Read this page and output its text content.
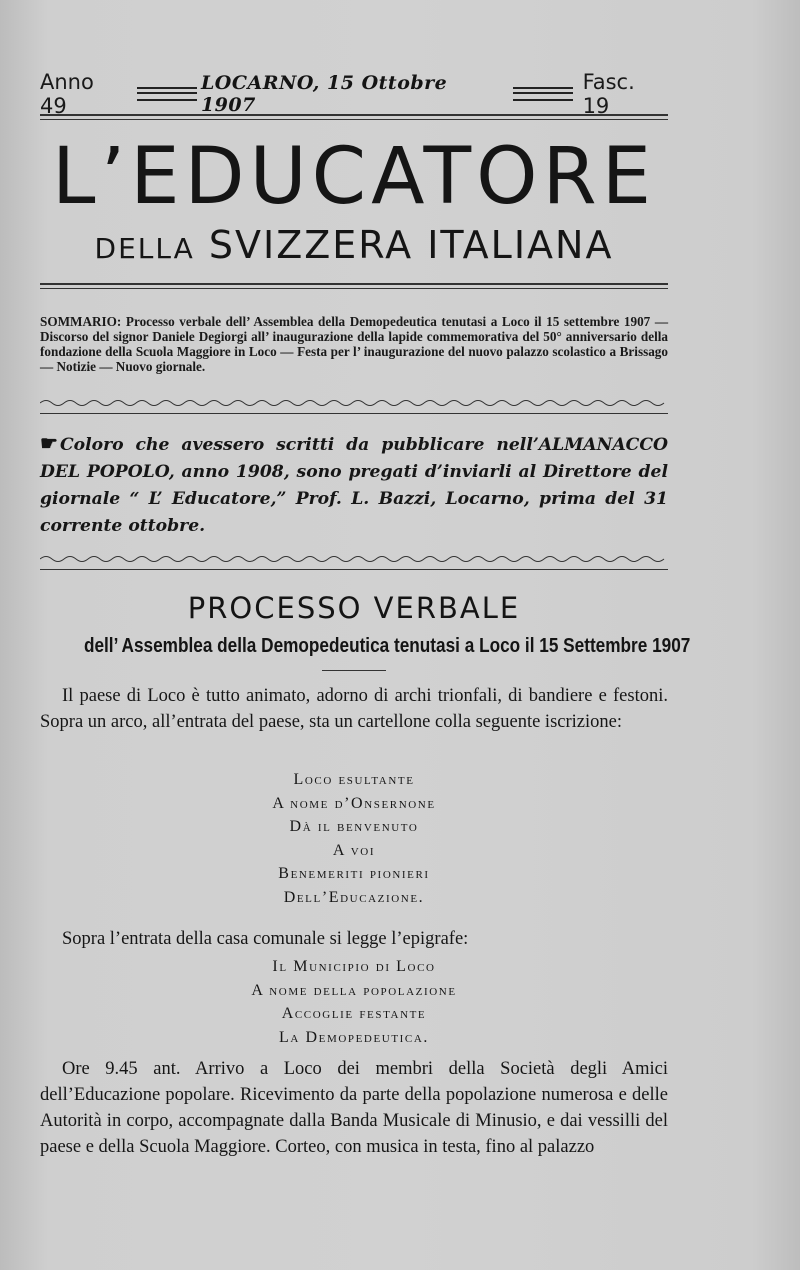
Anno 49
LOCARNO, 15 Ottobre 1907
Fasc. 19
L’EDUCATORE
DELLA SVIZZERA ITALIANA
SOMMARIO: Processo verbale dell’ Assemblea della Demopedeutica tenutasi a Loco il 15 settembre 1907 — Discorso del signor Daniele Degiorgi all’ inaugurazione della lapide commemorativa del 50° anniversario della fondazione della Scuola Maggiore in Loco — Festa per l’ inaugurazione del nuovo palazzo scolastico a Brissago — Notizie — Nuovo giornale.
☛ Coloro che avessero scritti da pubblicare nell’ALMANACCO DEL POPOLO, anno 1908, sono pregati d’inviarli al Direttore del giornale “ L’ Educatore,” Prof. L. Bazzi, Locarno, prima del 31 corrente ottobre.
PROCESSO VERBALE
dell’ Assemblea della Demopedeutica tenutasi a Loco il 15 Settembre 1907
Il paese di Loco è tutto animato, adorno di archi trionfali, di bandiere e festoni. Sopra un arco, all’entrata del paese, sta un cartellone colla seguente iscrizione:
Loco esultante
A nome d’Onsernone
Dà il benvenuto
A voi
Benemeriti pionieri
Dell’Educazione.
Sopra l’entrata della casa comunale si legge l’epigrafe:
Il Municipio di Loco
A nome della popolazione
Accoglie festante
La Demopedeutica.
Ore 9.45 ant. Arrivo a Loco dei membri della Società degli Amici dell’Educazione popolare. Ricevimento da parte della popolazione numerosa e delle Autorità in corpo, accompagnate dalla Banda Musicale di Minusio, e dai vessilli del paese e della Scuola Maggiore. Corteo, con musica in testa, fino al palazzo
